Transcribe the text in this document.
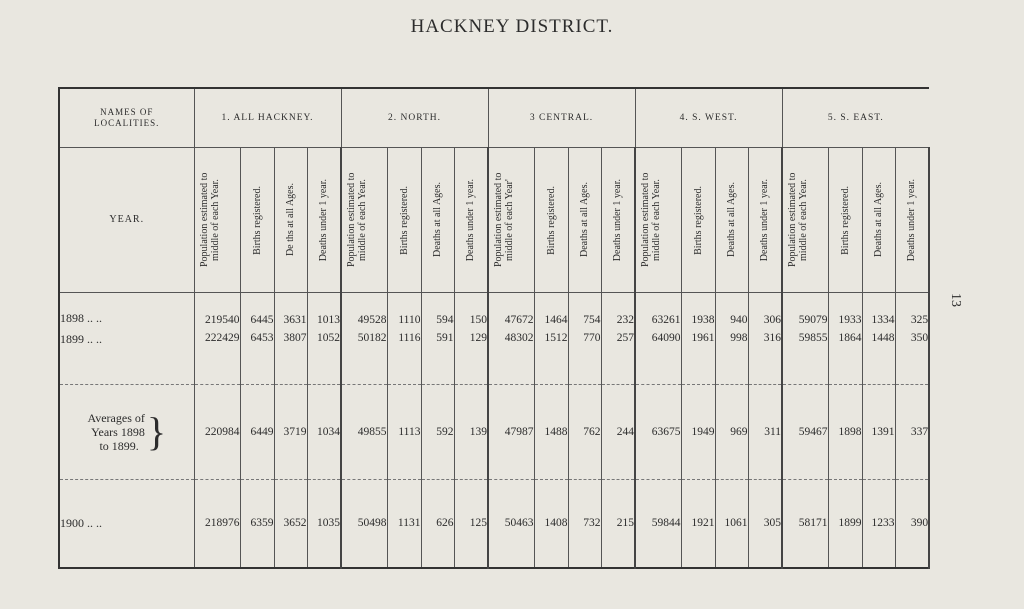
HACKNEY DISTRICT.
13
NAMES OF LOCALITIES.	1. ALL HACKNEY.				2. NORTH.				3 CENTRAL.				4. S. WEST.				5. S. EAST.			
YEAR.	Population estimated to middle of each Year.	Births registered.	De ths at all Ages.	Deaths under 1 year.	Population estimated to middle of each Year.	Births registered.	Deaths at all Ages.	Deaths under 1 year.	Population estimated to middle of each Year'	Births registered.	Deaths at all Ages.	Deaths under 1 year.	Population estimated to middle of each Year.	Births registered.	Deaths at all Ages.	Deaths under 1 year.	Population estimated to middle of each Year.	Births registered.	Deaths at all Ages.	Deaths under 1 year.

1898 .. ..	219540	6445	3631	1013	49528	1110	594	150	47672	1464	754	232	63261	1938	940	306	59079	1933	1334	325
1899 .. ..	222429	6453	3807	1052	50182	1116	591	129	48302	1512	770	257	64090	1961	998	316	59855	1864	1448	350

Averages of
Years 1898
to 1899. }	220984	6449	3719	1034	49855	1113	592	139	47987	1488	762	244	63675	1949	969	311	59467	1898	1391	337
1900 .. ..	218976	6359	3652	1035	50498	1131	626	125	50463	1408	732	215	59844	1921	1061	305	58171	1899	1233	390
